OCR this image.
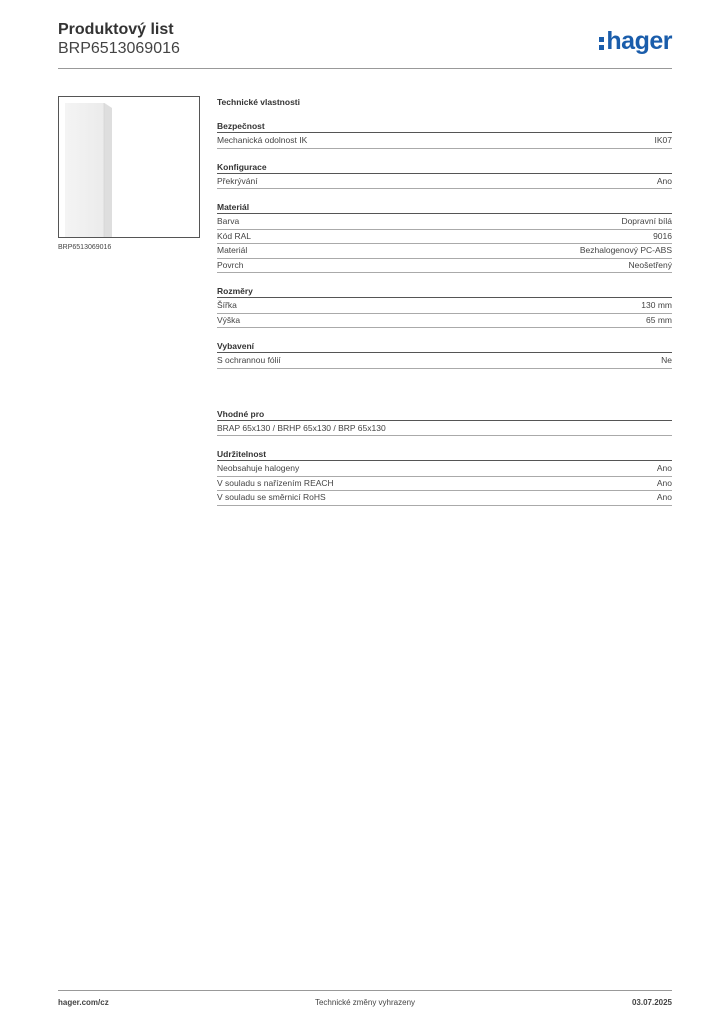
Produktový list
BRP6513069016	hager
BRP6513069016
Technické vlastnosti
Bezpečnost
Mechanická odolnost IK	IK07
Konfigurace
Překrývání	Ano
Materiál
Barva	Dopravní bílá
Kód RAL	9016
Materiál	Bezhalogenový PC-ABS
Povrch	Neošetřený
Rozměry
Šířka	130 mm
Výška	65 mm
Vybavení
S ochrannou fólií	Ne
Vhodné pro
BRAP 65x130 / BRHP 65x130 / BRP 65x130
Udržitelnost
Neobsahuje halogeny	Ano
V souladu s nařízením REACH	Ano
V souladu se směrnicí RoHS	Ano
hager.com/cz	Technické změny vyhrazeny	03.07.2025
